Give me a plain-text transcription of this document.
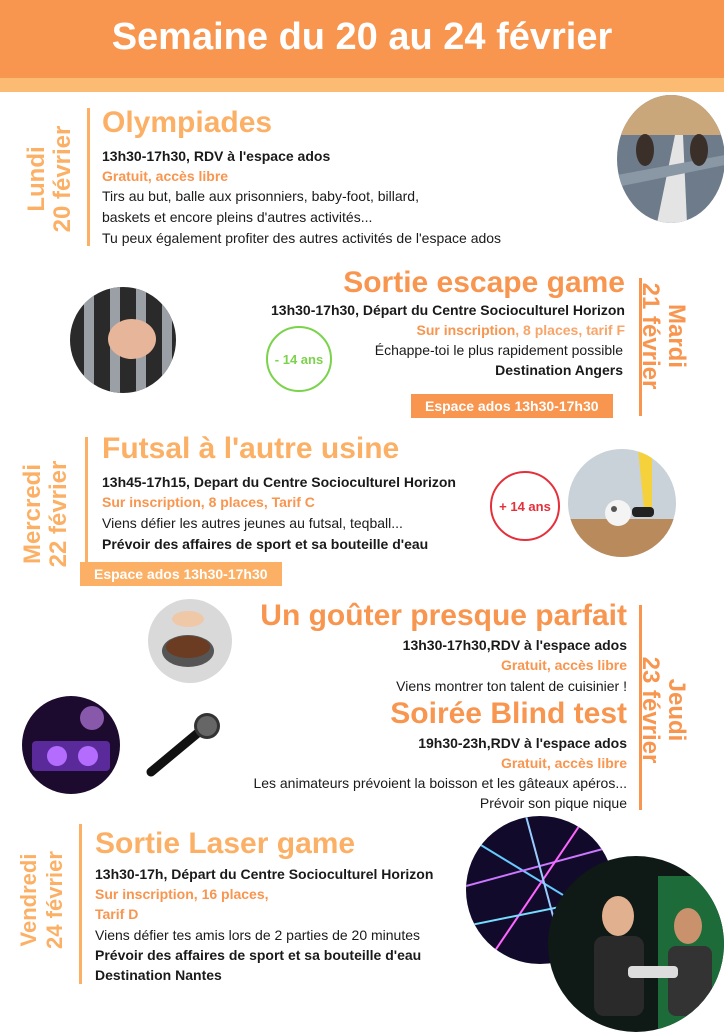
Semaine du 20 au 24 février
Lundi 20 février
Olympiades
13h30-17h30, RDV à l'espace ados
Gratuit, accès libre
Tirs au but, balle aux prisonniers, baby-foot, billard,
baskets et encore pleins d'autres activités...
Tu peux également profiter des autres activités de l'espace ados
- 14 ans
Sortie escape game
13h30-17h30, Départ du Centre Socioculturel Horizon
Sur inscription, 8 places, tarif F
Échappe-toi le plus rapidement possible
Destination Angers
Espace ados 13h30-17h30
Mardi
21 février
Mercredi 22 février
Futsal à l'autre usine
13h45-17h15, Depart du Centre Socioculturel Horizon
Sur inscription, 8 places, Tarif C
Viens défier les autres jeunes au futsal, teqball...
Prévoir des affaires de sport et sa bouteille d'eau
Espace ados 13h30-17h30
+ 14 ans
Un goûter presque parfait
13h30-17h30,RDV à l'espace ados
Gratuit, accès libre
Viens montrer ton talent de cuisinier !
Soirée Blind test
19h30-23h,RDV à l'espace ados
Gratuit, accès libre
Les animateurs prévoient la boisson et les gâteaux apéros...
Prévoir son pique nique
Jeudi
23 février
Vendredi 24 février
Sortie Laser game
13h30-17h, Départ du Centre Socioculturel Horizon
Sur inscription, 16 places,
Tarif D
Viens défier tes amis lors de 2 parties de 20 minutes
Prévoir des affaires de sport et sa bouteille d'eau
Destination Nantes
